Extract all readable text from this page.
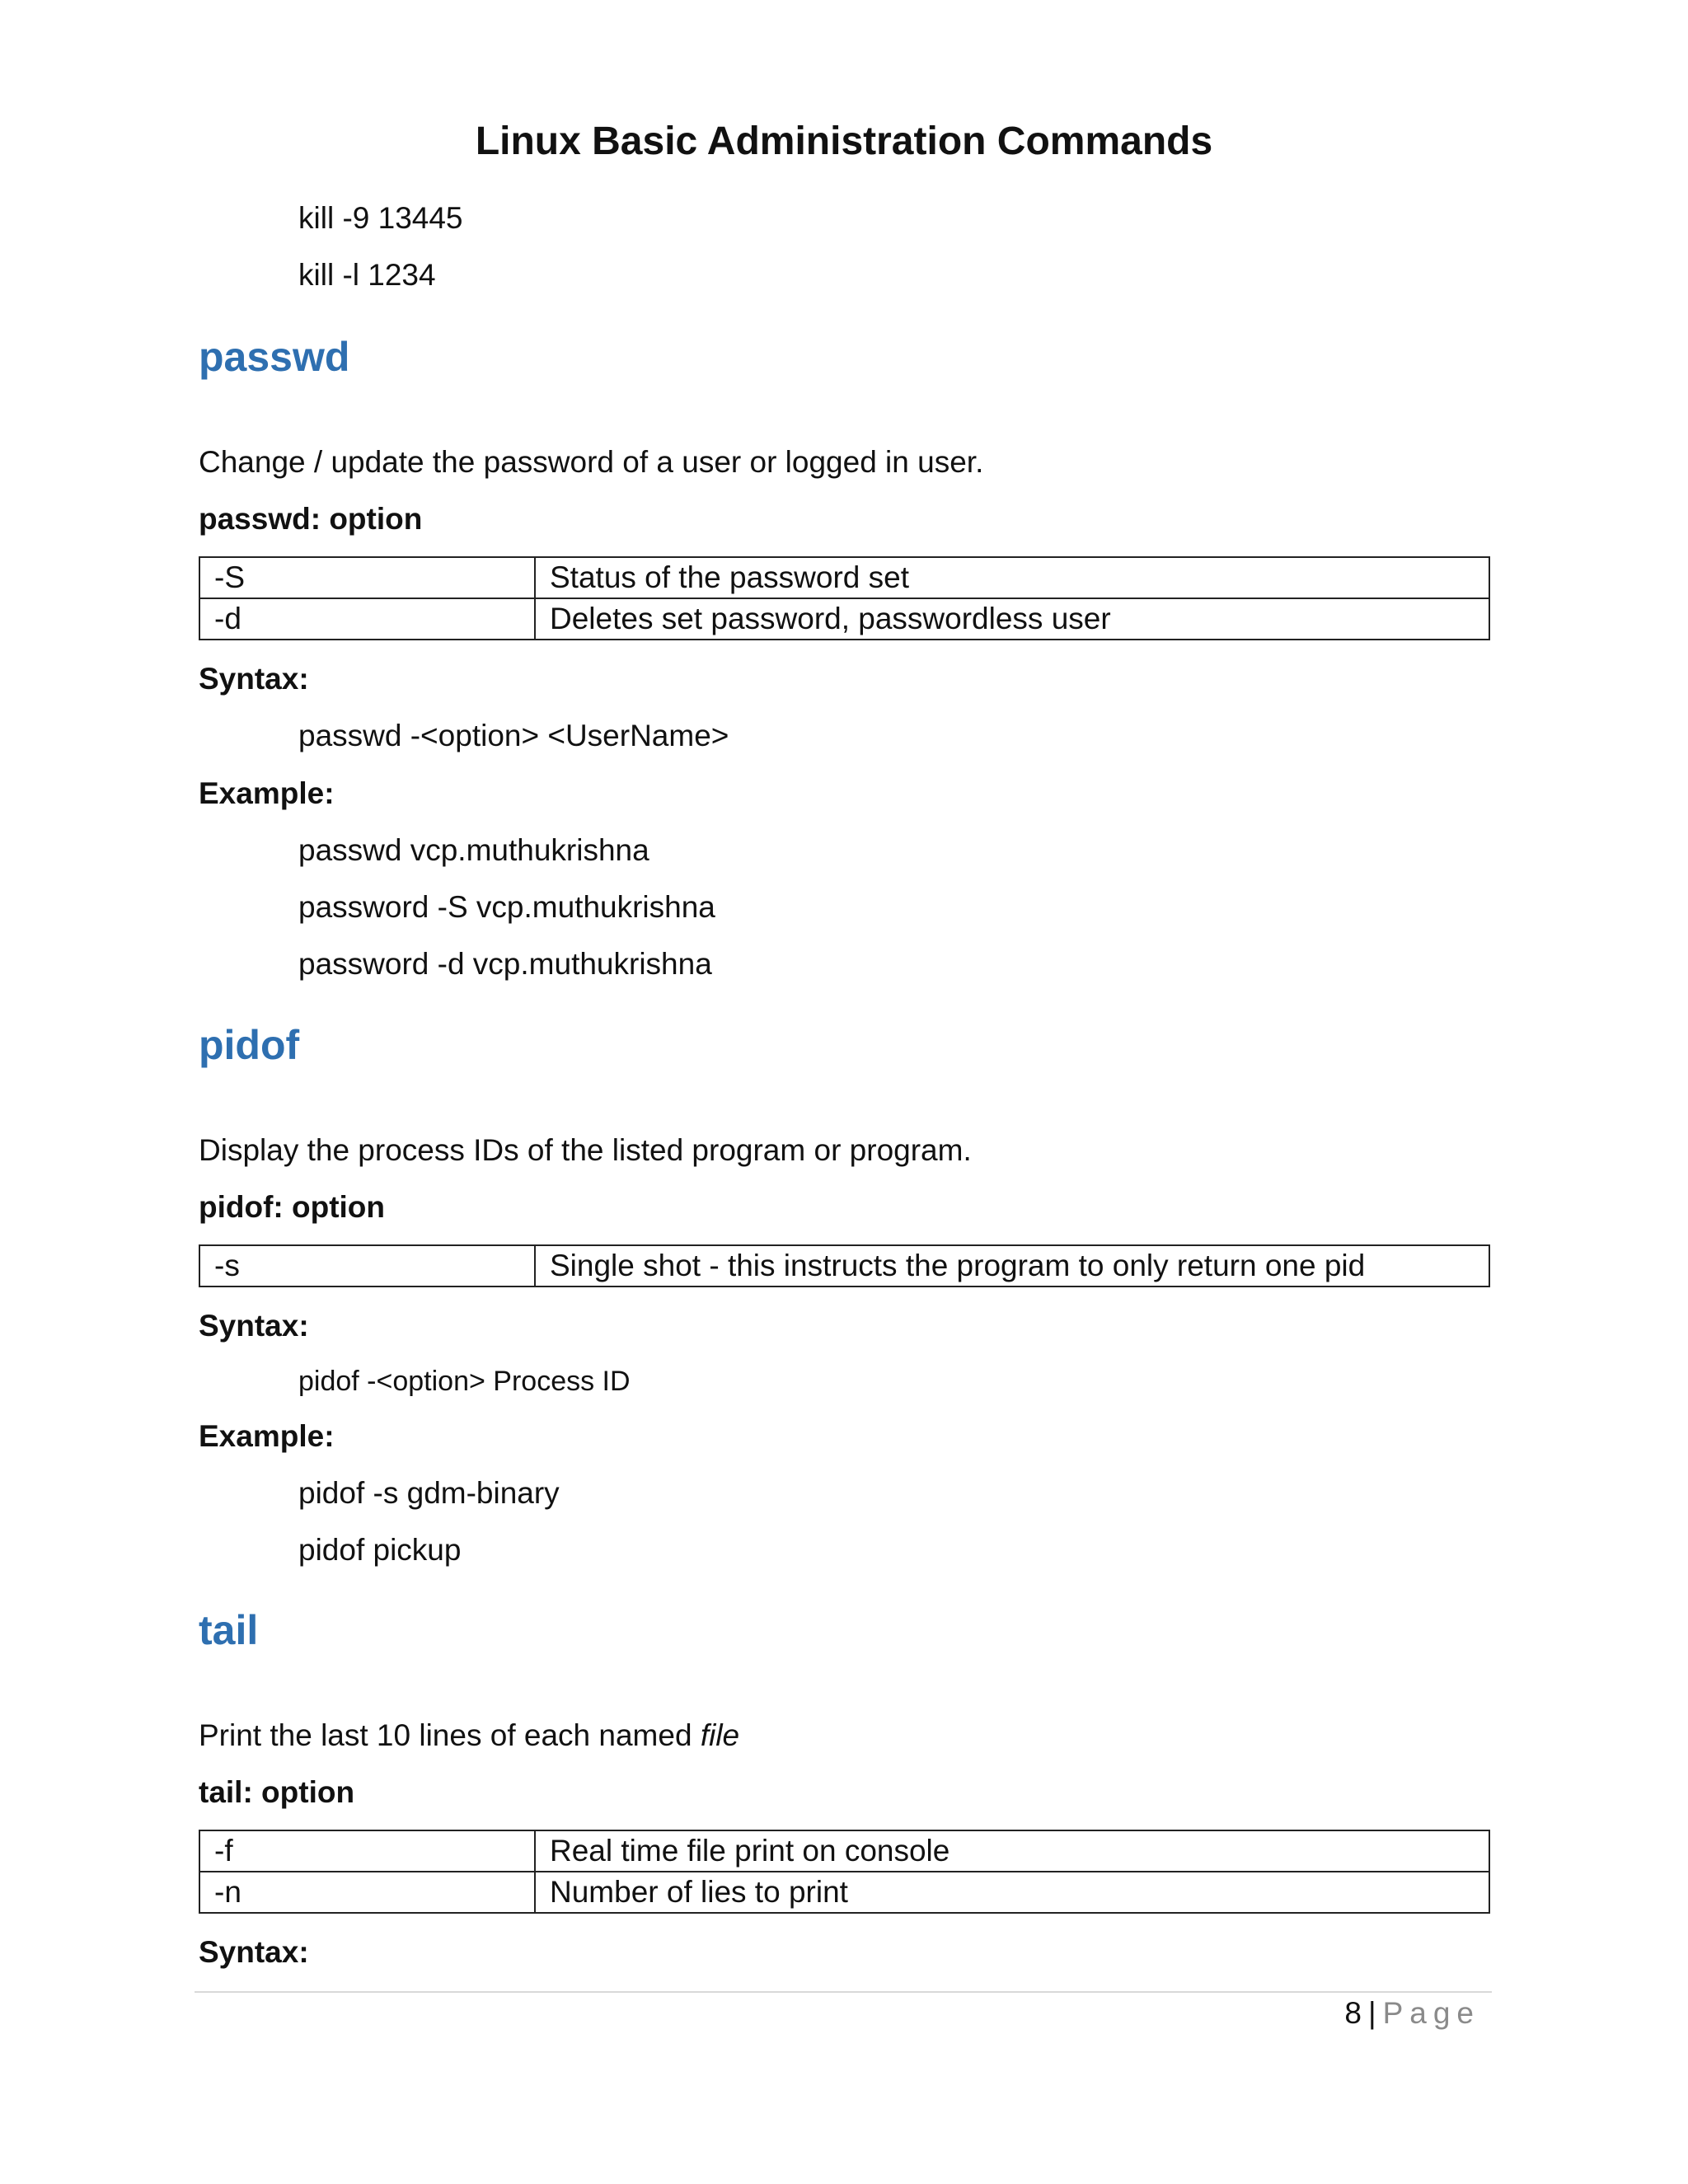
Linux Basic Administration Commands
kill -9 13445
kill -l 1234
passwd
Change / update the password of a user or logged in user.
passwd: option
-S	Status of the password set
-d	Deletes set password, passwordless user
Syntax:
passwd -<option> <UserName>
Example:
passwd vcp.muthukrishna
password -S vcp.muthukrishna
password -d vcp.muthukrishna
pidof
Display the process IDs of the listed program or program.
pidof: option
-s	Single shot - this instructs the program to only return one pid
Syntax:
pidof -<option> Process ID
Example:
pidof -s gdm-binary
pidof pickup
tail
Print the last 10 lines of each named file
tail: option
-f	Real time file print on console
-n	Number of lies to print
Syntax:
8 | Page
